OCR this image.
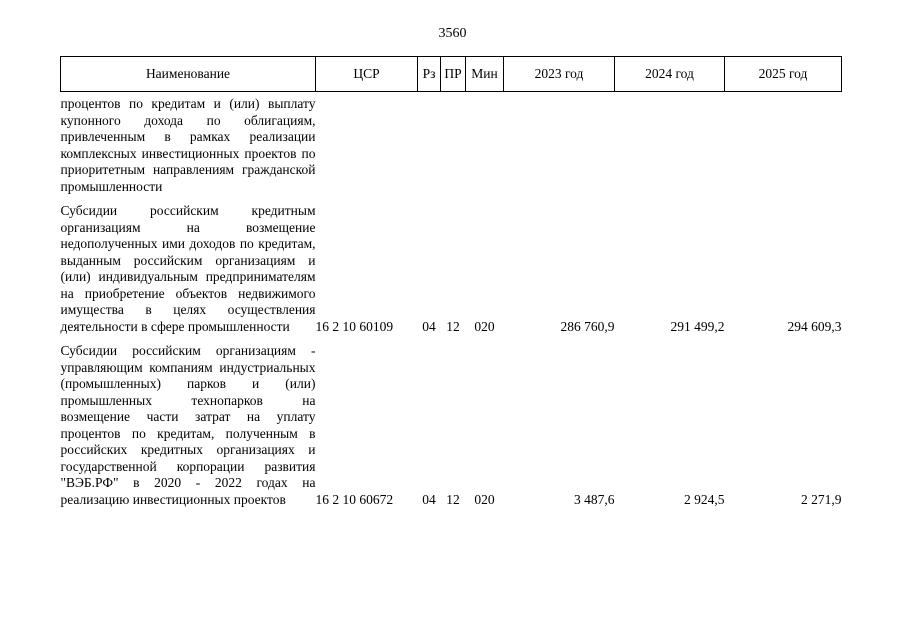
3560
Наименование	ЦСР	Рз	ПР	Мин	2023 год	2024 год	2025 год
процентов по кредитам и (или) выплату купонного дохода по облигациям, привлеченным в рамках реализации комплексных инвестиционных проектов по приоритетным направлениям гражданской промышленности							

Субсидии российским кредитным организациям на возмещение недополученных ими доходов по кредитам, выданным российским организациям и (или) индивидуальным предпринимателям на приобретение объектов недвижимого имущества в целях осуществления деятельности в сфере промышленности	16 2 10 60109	04	12	020	286 760,9	291 499,2	294 609,3

Субсидии российским организациям - управляющим компаниям индустриальных (промышленных) парков и (или) промышленных технопарков на возмещение части затрат на уплату процентов по кредитам, полученным в российских кредитных организациях и государственной корпорации развития "ВЭБ.РФ" в 2020 - 2022 годах на реализацию инвестиционных проектов	16 2 10 60672	04	12	020	3 487,6	2 924,5	2 271,9
